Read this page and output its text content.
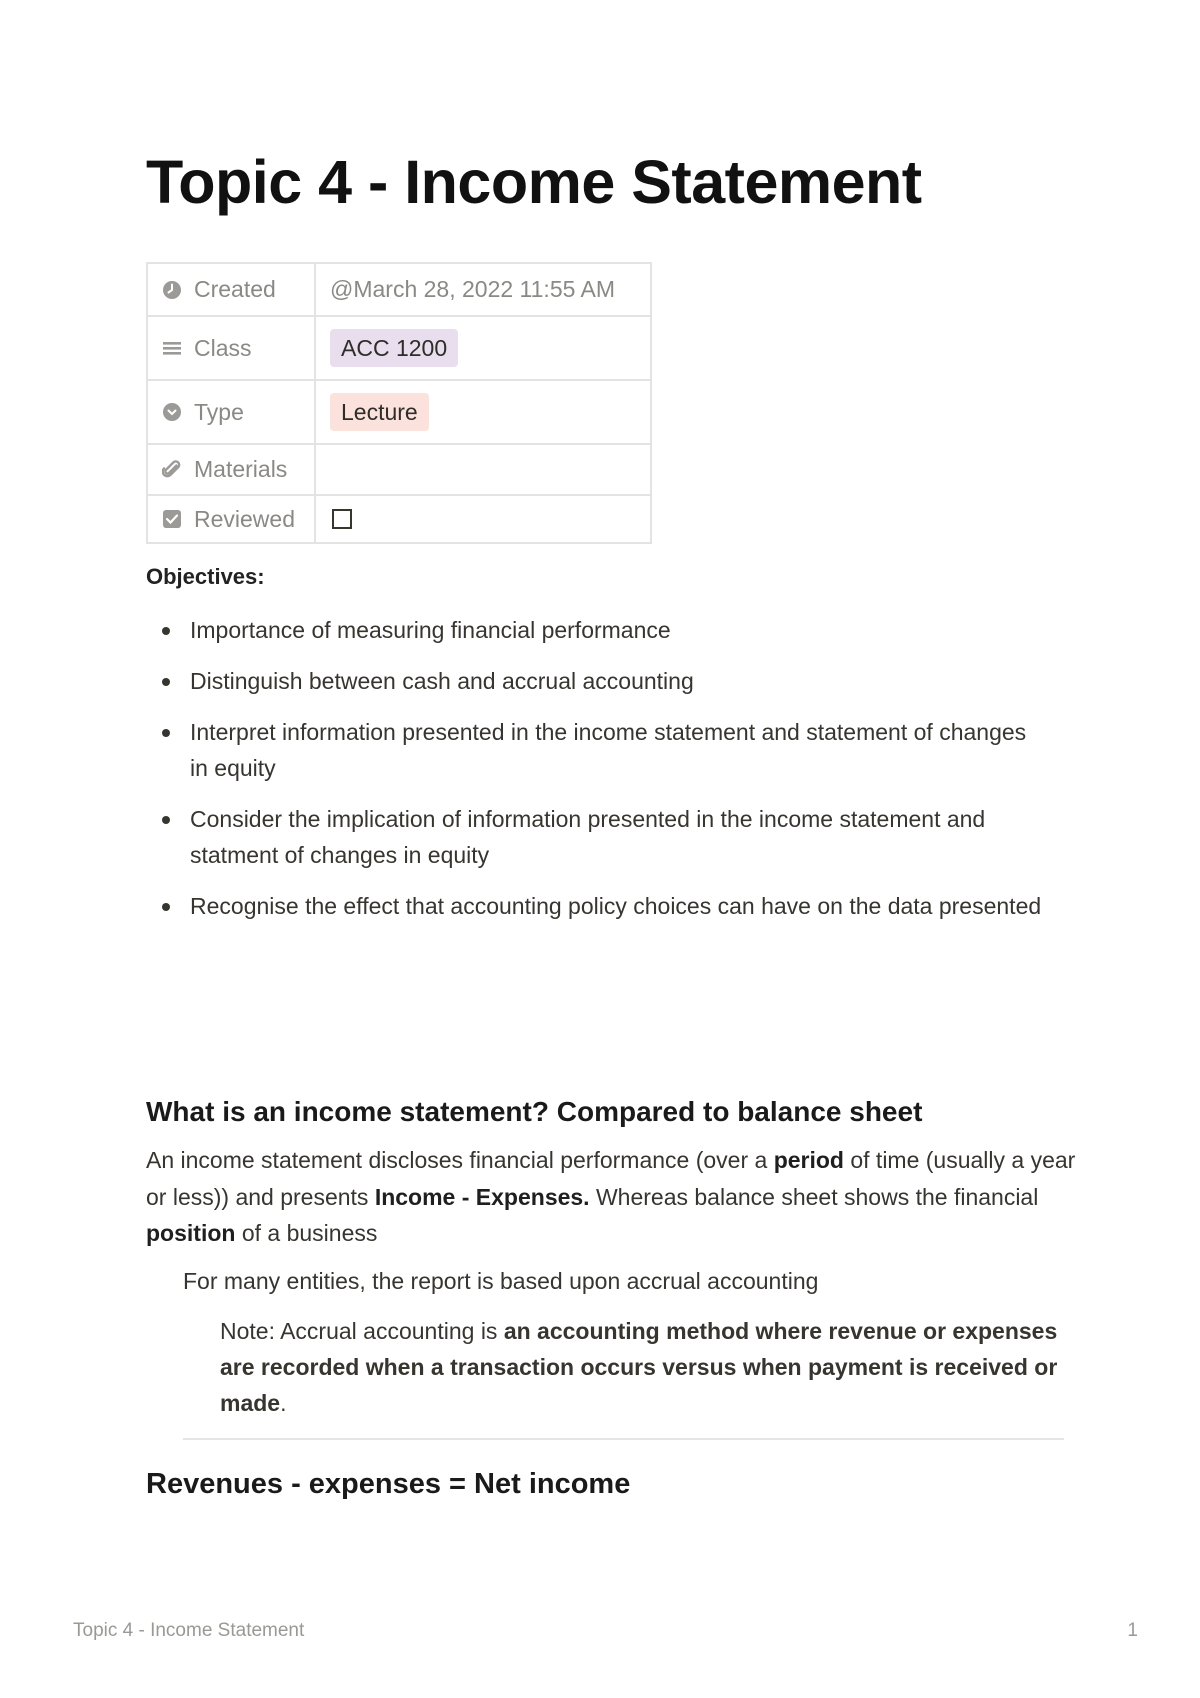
Topic 4 - Income Statement
Created	@March 28, 2022 11:55 AM

Class	ACC 1200

Type	Lecture

Materials	

Reviewed	

Objectives:
Importance of measuring financial performance
Distinguish between cash and accrual accounting
Interpret information presented in the income statement and statement of changes in equity
Consider the implication of information presented in the income statement and statment of changes in equity
Recognise the effect that accounting policy choices can have on the data presented
What is an income statement? Compared to balance sheet

An income statement discloses financial performance (over a period of time (usually a year or less)) and presents Income - Expenses. Whereas balance sheet shows the financial position of a business

For many entities, the report is based upon accrual accounting

Note: Accrual accounting is an accounting method where revenue or expenses are recorded when a transaction occurs versus when payment is received or made.

Revenues - expenses = Net income
Topic 4 - Income Statement	1
